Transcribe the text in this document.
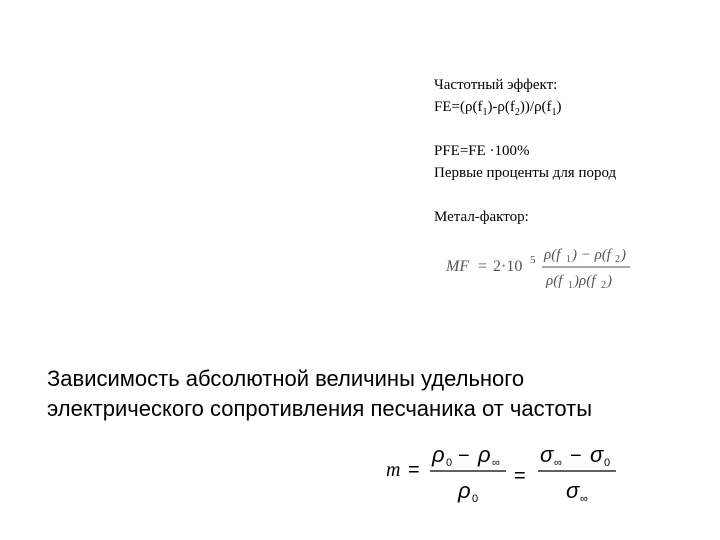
Частотный эффект:
$FE=(\rho(f_1)-\rho(f_2))/\rho(f_1)$
PFE=FE ·100%
Первые проценты для пород
Метал-фактор:
MF = 2·10 5 ρ(f 1 ) − ρ(f 2 )
ρ(f 1 )ρ(f 2 )
Зависимость абсолютной величины удельного
электрического сопротивления песчаника от частоты
m =
ρ 0 − ρ ∞
ρ 0
=
σ ∞ − σ 0
σ ∞
